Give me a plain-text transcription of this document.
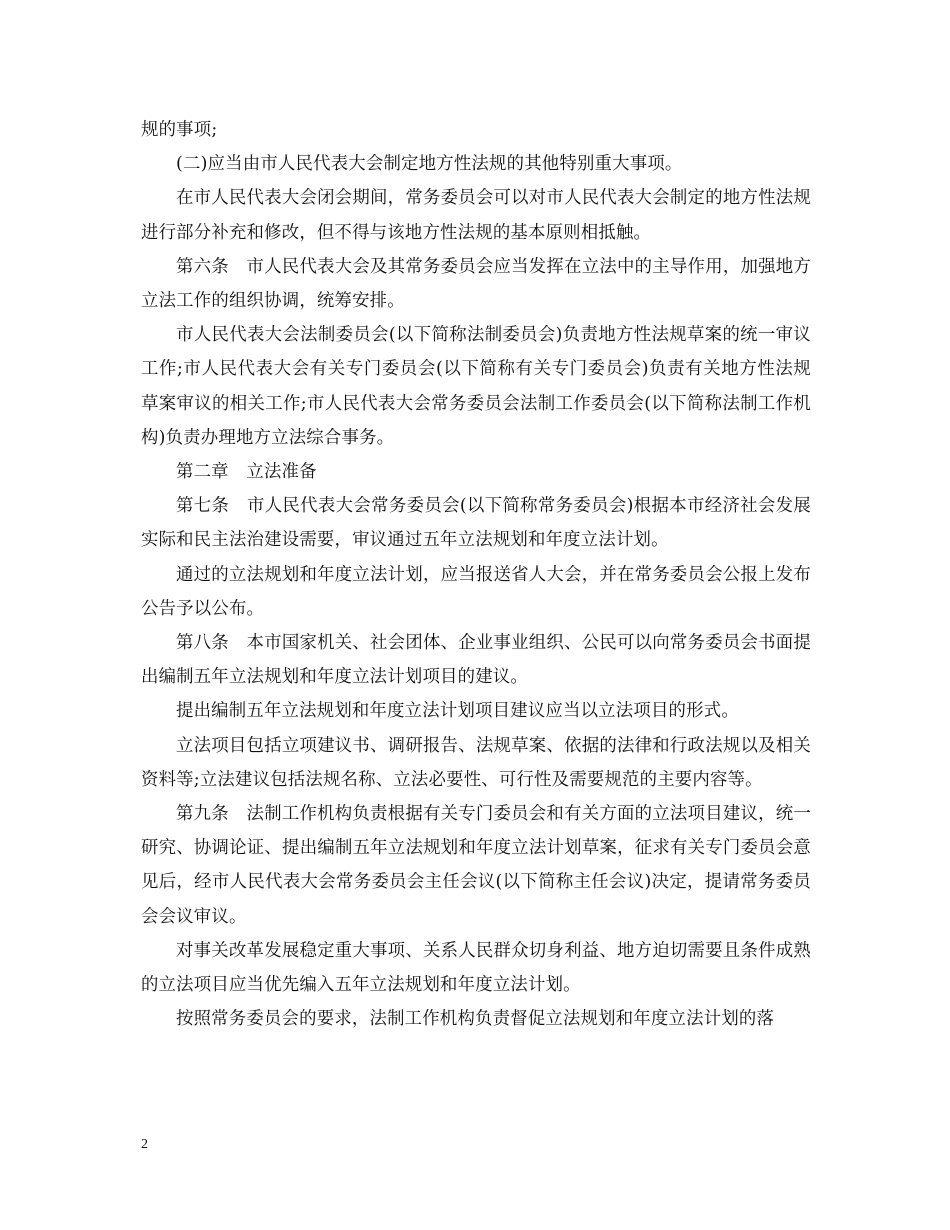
规的事项;

(二)应当由市人民代表大会制定地方性法规的其他特别重大事项。

在市人民代表大会闭会期间，常务委员会可以对市人民代表大会制定的地方性法规进行部分补充和修改，但不得与该地方性法规的基本原则相抵触。

第六条　市人民代表大会及其常务委员会应当发挥在立法中的主导作用，加强地方立法工作的组织协调，统筹安排。

市人民代表大会法制委员会(以下简称法制委员会)负责地方性法规草案的统一审议工作;市人民代表大会有关专门委员会(以下简称有关专门委员会)负责有关地方性法规草案审议的相关工作;市人民代表大会常务委员会法制工作委员会(以下简称法制工作机构)负责办理地方立法综合事务。

第二章　立法准备

第七条　市人民代表大会常务委员会(以下简称常务委员会)根据本市经济社会发展实际和民主法治建设需要，审议通过五年立法规划和年度立法计划。

通过的立法规划和年度立法计划，应当报送省人大会，并在常务委员会公报上发布公告予以公布。

第八条　本市国家机关、社会团体、企业事业组织、公民可以向常务委员会书面提出编制五年立法规划和年度立法计划项目的建议。

提出编制五年立法规划和年度立法计划项目建议应当以立法项目的形式。

立法项目包括立项建议书、调研报告、法规草案、依据的法律和行政法规以及相关资料等;立法建议包括法规名称、立法必要性、可行性及需要规范的主要内容等。

第九条　法制工作机构负责根据有关专门委员会和有关方面的立法项目建议，统一研究、协调论证、提出编制五年立法规划和年度立法计划草案，征求有关专门委员会意见后，经市人民代表大会常务委员会主任会议(以下简称主任会议)决定，提请常务委员会会议审议。

对事关改革发展稳定重大事项、关系人民群众切身利益、地方迫切需要且条件成熟的立法项目应当优先编入五年立法规划和年度立法计划。

按照常务委员会的要求，法制工作机构负责督促立法规划和年度立法计划的落

2
